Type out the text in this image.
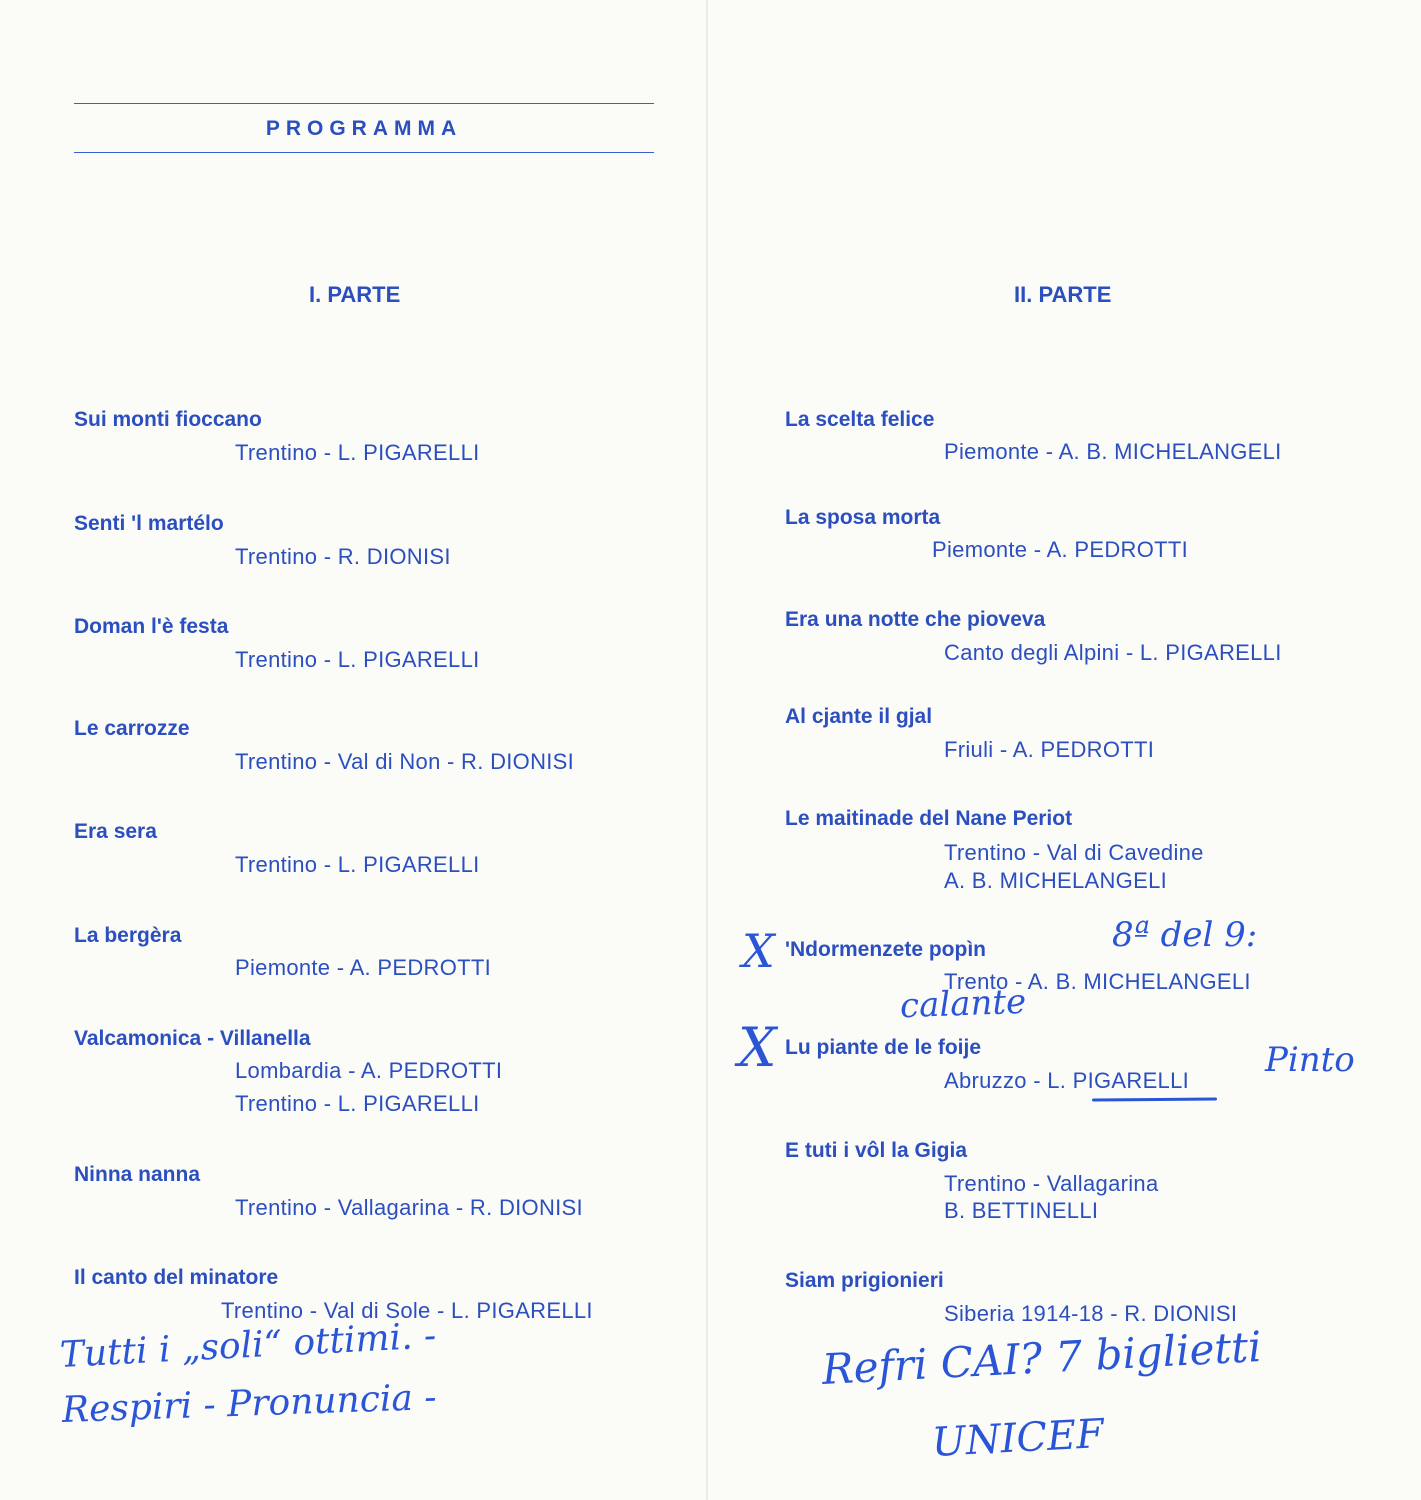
PROGRAMMA
I. PARTE	II. PARTE
Sui monti fioccano
Trentino - L. PIGARELLI
Senti 'l martélo
Trentino - R. DIONISI
Doman l'è festa
Trentino - L. PIGARELLI
Le carrozze
Trentino - Val di Non - R. DIONISI
Era sera
Trentino - L. PIGARELLI
La bergèra
Piemonte - A. PEDROTTI
Valcamonica - Villanella
Lombardia - A. PEDROTTI
Trentino - L. PIGARELLI
Ninna nanna
Trentino - Vallagarina - R. DIONISI
Il canto del minatore
Trentino - Val di Sole - L. PIGARELLI
La scelta felice
Piemonte - A. B. MICHELANGELI
La sposa morta
Piemonte - A. PEDROTTI
Era una notte che pioveva
Canto degli Alpini - L. PIGARELLI
Al cjante il gjal
Friuli - A. PEDROTTI
Le maitinade del Nane Periot
Trentino - Val di Cavedine
A. B. MICHELANGELI
'Ndormenzete popìn
Trento - A. B. MICHELANGELI
Lu piante de le foije
Abruzzo - L. PIGARELLI
E tuti i vôl la Gigia
Trentino - Vallagarina
B. BETTINELLI
Siam prigionieri
Siberia 1914-18 - R. DIONISI
X
X
8ª del 9:
calante
Pinto
Tutti i „soli“ ottimi. -
Respiri - Pronuncia -
Refri CAI? 7 biglietti
UNICEF
